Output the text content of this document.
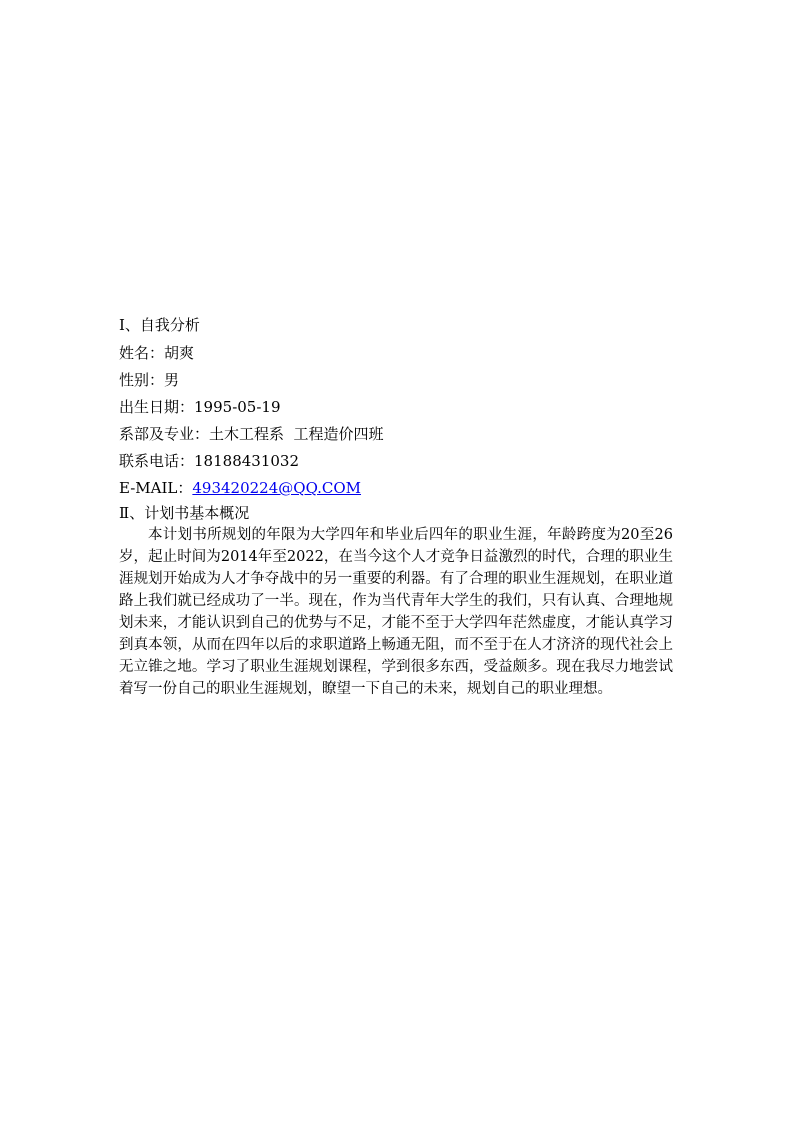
Ⅰ、自我分析
姓名：胡爽
性别：男
出生日期：1995-05-19
系部及专业：土木工程系  工程造价四班
联系电话：18188431032
E-MAIL：493420224@QQ.COM
Ⅱ、计划书基本概况

本计划书所规划的年限为大学四年和毕业后四年的职业生涯，年龄跨度为20至26岁，起止时间为2014年至2022，在当今这个人才竞争日益激烈的时代，合理的职业生涯规划开始成为人才争夺战中的另一重要的利器。有了合理的职业生涯规划，在职业道路上我们就已经成功了一半。现在，作为当代青年大学生的我们，只有认真、合理地规划未来，才能认识到自己的优势与不足，才能不至于大学四年茫然虚度，才能认真学习到真本领，从而在四年以后的求职道路上畅通无阻，而不至于在人才济济的现代社会上无立锥之地。学习了职业生涯规划课程，学到很多东西，受益颇多。现在我尽力地尝试着写一份自己的职业生涯规划，瞭望一下自己的未来，规划自己的职业理想。
